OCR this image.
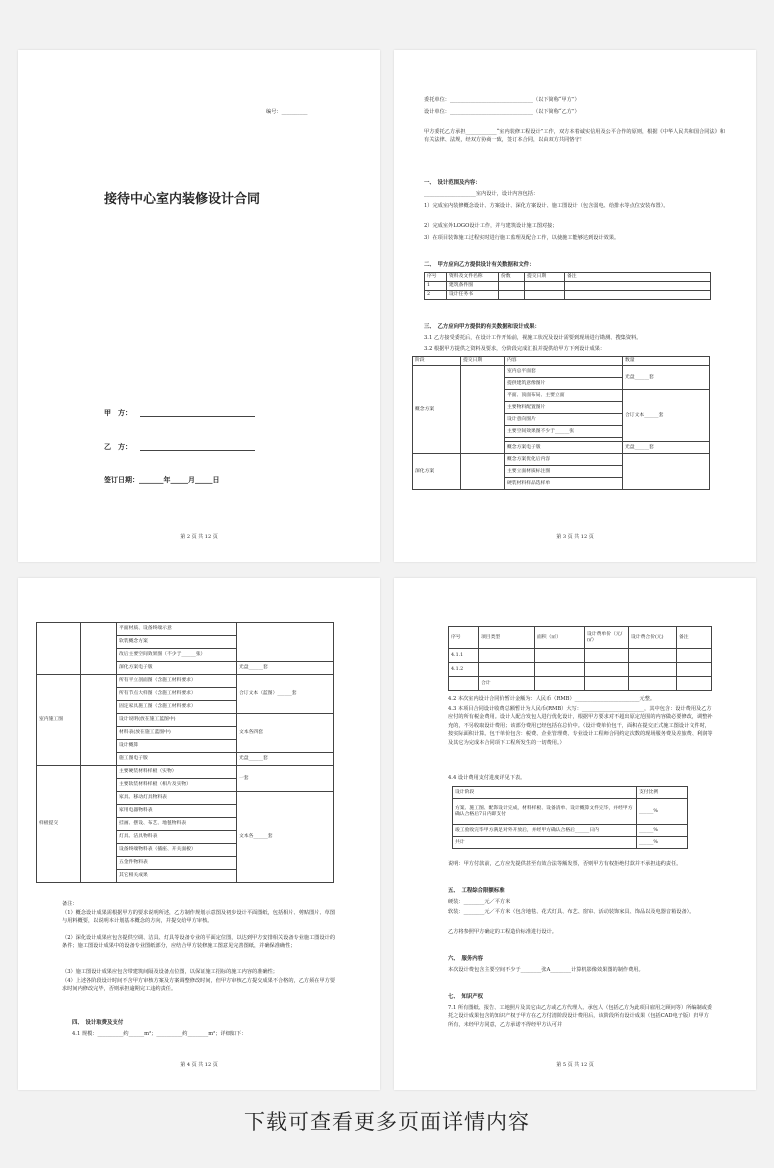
编号：__________
接待中心室内装修设计合同
甲　方：
乙　方：
签订日期：_______年_____月_____日
第 2 页 共 12 页
委托单位：________________________________（以下简称“甲方”）
设计单位：________________________________（以下简称“乙方”）
甲方委托乙方承担____________“室内装修工程设计”工作，双方本着诚实信用及公平合作的原则，根据《中华人民共和国合同法》和有关法律、法规，经双方协商一致，签订本合同，以由双方共同恪守！
一、　设计范围及内容：
____________________室内设计，设计内容包括：
1）完成室内装修概念设计、方案设计、深化方案设计、施工图设计（包含弱电、给排水等点位安装布置）。
2）完成室外LOGO设计工作，并与建筑设计施工图对接；
3）在项目装饰施工过程实时进行施工监理及配合工作，以使施工能够达到设计效果。
二、　甲方应向乙方提供设计有关数据和文件：
序号	资料及文件名称	份数	提交日期	备注
1	建筑条件图			
2	设计任务书			
三、　乙方应向甲方提供的有关数据和设计成果：
3.1 乙方接受委托后，在设计工作开始前，视施工状况及设计需要到现场进行勘测、搜集资料。
3.2 根据甲方提供之资料及要求，分阶段完成汇报并提供给甲方下列设计成果：
阶段	提交日期	内容	数量
概念方案		室内总平面套	光盘______套
		提供建筑意像图片	
		平面、顶面布局、主要立面	合订文本______套
		主要物料配置图片	
		设计意向图片	
		主要空间效果图不少于______张	

		概念方案电子版	光盘______套
深化方案		概念方案优化后内容	
		主要立面材质标注图	
		硬装材料样品选样单	
第 3 页 共 12 页
		平面材质、设备终端示意	
		软装概念方案	
		改后主要空间效果图（不少于______张）	
		深化方案电子版	光盘______套
室内施工图		所有平立剖面图（含施工材料要求）	合订文本（蓝图）______套
		所有节点大样图（含施工材料要求）	
		固定家具施工图（含施工材料要求）	
		设计说明(放在施工蓝图中)	文本各四套
		材料表(放在施工蓝图中)	
		设计概算	
		施工图电子版	光盘______套
样板提交		主要硬装材料样板（实物）	一套
		主要软装材料样板（相片及实物）	
		家具、移动灯具物料表	文本各______套
		家用电器物料表	
		挂画、摆设、布艺、地毯物料表	
		灯具、洁具物料表	
		设备终端物料表（插座、开关面板）	
		五金件物料表	
		其它相关成果	
备注：
（1）概念设计成果需根据甲方的要求说明所述，乙方制作规划示意图及初步设计平面图纸，包括相片、剪贴图片、草图与用料概要，以说明本计划基本概念的方向，并提交给甲方审核。
（2）深化设计成果应包含提供空调、洁具、灯具等设备专业的平面定位图，以达到甲方安排相关设备专业施工图设计的条件；施工图设计成果中的设备专业图纸部分，应结合甲方装修施工图意见完善图纸，并确保准确性；
（3）施工图设计成果应包含带建筑间隔及设备点位图，以保证施工招标的施工内容的准确性；
（4）上述各阶段设计时间不含甲方审核方案及方案调整修改时间，但甲方审核乙方提交成果不合格的，乙方须在甲方要求时间内修改完毕，否则承担逾期完工违约责任。
四、　设计取费及支付
4.1 规模：__________约______m²；__________约________m²；详细如下：
第 4 页 共 12 页
序号	项目类型	面积（㎡）	设计费单价（元/㎡）	设计费合价(元)	备注
4.1.1					
4.1.2					
	合计				
4.2 本次室内设计合同价暂计金额为：人民币（RMB）_________________________元整。
4.3 本项目合同设计收费总额暂计为人民币(RMB）大写：________________________，其中包含：设计费用及乙方应付的所有税金费用。设计人配合发包人进行优化设计，根据甲方要求对不超出原定范围的内容做必要修改，调整补充的，不另收取设计费用；该部分费用已经包括在总价中。（设计费单价包干，面积在提交正式施工图设计文件时，按实际面积计算。包干单价包含：税费、企业管理费、专业设计工程师合同约定次数的现场服务费及差旅费、利润等及其它为完成本合同项下工程所发生的一切费用。）
4.4 设计费用支付进度详见下表。
设计阶段	支付比例
方案、施工图、配饰设计完成，材料样板、设备清单、设计概算文件完毕，并经甲方确认合格后7日内即支付	______%
竣工验收完毕甲方满足对外开放后，并经甲方确认合格后______日内	______%
共计	______%
说明：甲方付款前，乙方应先提供甚至有效合法等额发票，否则甲方有权拒绝付款并不承担违约责任。
五、　工程综合限额标准
硬装：________元／平方米
软装：________元／平方米（包含地毯、花式灯具、布艺、窗帘、活动装饰家具、饰品以及电器音箱设备）。
乙方将参照甲方确定的工程造价标准进行设计。
六、　服务内容
本次设计费包含主要空间不少于________张A________计算机影像效果图的制作费用。
七、　知识产权
7.1 所有图纸、报告、工地照片及其它由乙方或乙方代理人、承包人（包括乙方为此项目雇用之顾问等）所编制或委托之设计成果包含的知识产权于甲方在乙方付清阶段设计费用后，该阶段所有设计成果（包括CAD电子版）归甲方所有，未经甲方同意，乙方承诺不得经甲方认可并
第 5 页 共 12 页
下载可查看更多页面详情内容
